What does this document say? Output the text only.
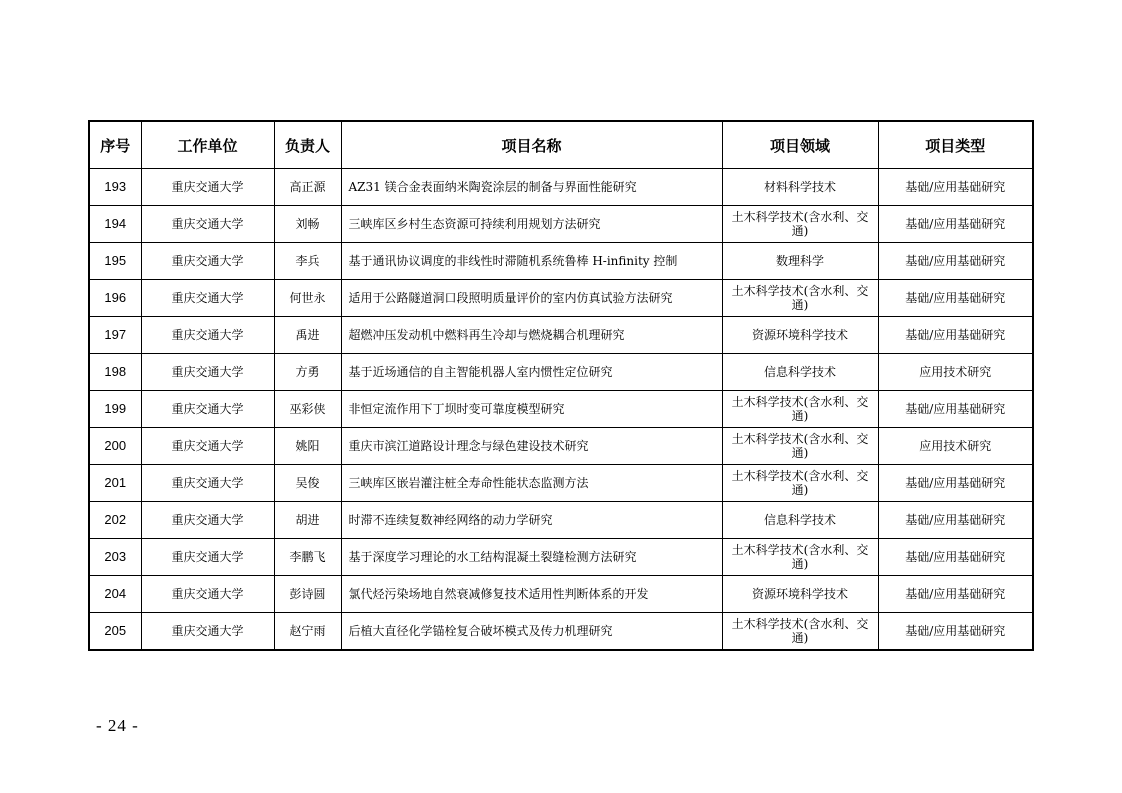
序号	工作单位	负责人	项目名称	项目领域	项目类型
193	重庆交通大学	高正源	AZ31 镁合金表面纳米陶瓷涂层的制备与界面性能研究	材料科学技术	基础/应用基础研究
194	重庆交通大学	刘畅	三峡库区乡村生态资源可持续利用规划方法研究	土木科学技术(含水利、交通)	基础/应用基础研究
195	重庆交通大学	李兵	基于通讯协议调度的非线性时滞随机系统鲁棒 H-infinity 控制	数理科学	基础/应用基础研究
196	重庆交通大学	何世永	适用于公路隧道洞口段照明质量评价的室内仿真试验方法研究	土木科学技术(含水利、交通)	基础/应用基础研究
197	重庆交通大学	禹进	超燃冲压发动机中燃料再生冷却与燃烧耦合机理研究	资源环境科学技术	基础/应用基础研究
198	重庆交通大学	方勇	基于近场通信的自主智能机器人室内惯性定位研究	信息科学技术	应用技术研究
199	重庆交通大学	巫彩侠	非恒定流作用下丁坝时变可靠度模型研究	土木科学技术(含水利、交通)	基础/应用基础研究
200	重庆交通大学	姚阳	重庆市滨江道路设计理念与绿色建设技术研究	土木科学技术(含水利、交通)	应用技术研究
201	重庆交通大学	吴俊	三峡库区嵌岩灌注桩全寿命性能状态监测方法	土木科学技术(含水利、交通)	基础/应用基础研究
202	重庆交通大学	胡进	时滞不连续复数神经网络的动力学研究	信息科学技术	基础/应用基础研究
203	重庆交通大学	李鹏飞	基于深度学习理论的水工结构混凝土裂缝检测方法研究	土木科学技术(含水利、交通)	基础/应用基础研究
204	重庆交通大学	彭诗圆	氯代烃污染场地自然衰减修复技术适用性判断体系的开发	资源环境科学技术	基础/应用基础研究
205	重庆交通大学	赵宁雨	后植大直径化学锚栓复合破坏模式及传力机理研究	土木科学技术(含水利、交通)	基础/应用基础研究
- 24 -
